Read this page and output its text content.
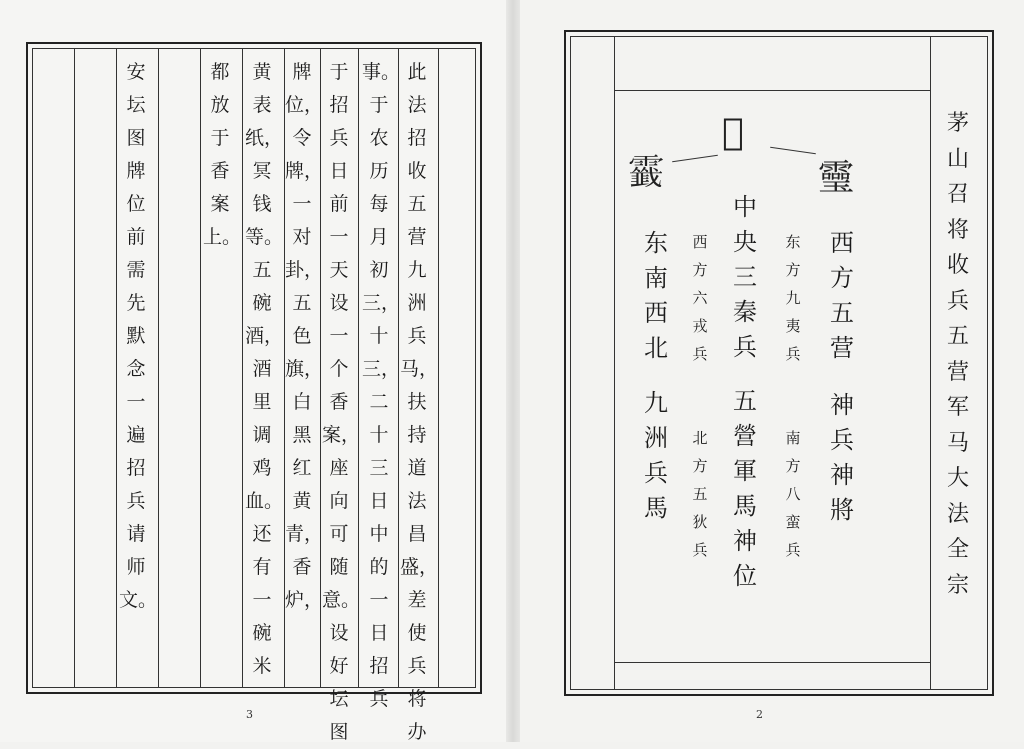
此法招收五营九洲兵马，扶持道法昌盛，差使兵将办
事。于农历每月初三，十三，二十三日中的一日招兵
于招兵日前一天设一个香案，座向可随意。设好坛图
牌位，令牌，一对卦，五色旗，白黑红黄青，香炉，
黄表纸，冥钱等。五碗酒，酒里调鸡血。还有一碗米
都放于香案上。
安坛图牌位前需先默念一遍招兵请师文。
3
茅山召将收兵五营军马大法全宗
𩆷
𩄋
𩆜
西方五营
神兵神將
东方九夷兵
南方八蛮兵
中央三秦兵
五營軍馬神位
西方六戎兵
北方五狄兵
东南西北
九洲兵馬
2
